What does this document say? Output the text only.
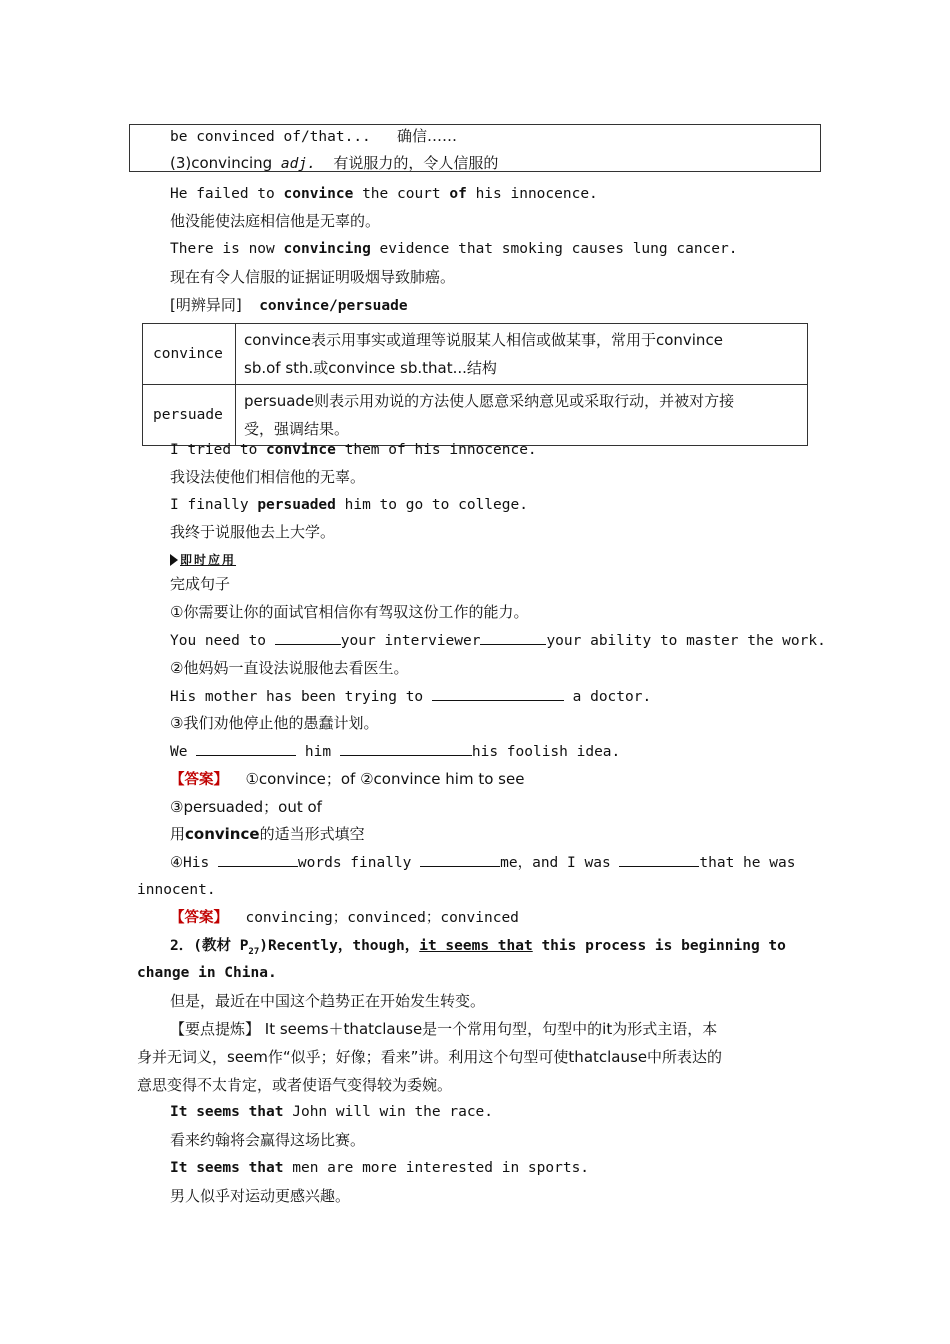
be convinced of/that... 确信……
(3)convincing adj. 有说服力的，令人信服的
He failed to convince the court of his innocence.
他没能使法庭相信他是无辜的。
There is now convincing evidence that smoking causes lung cancer.
现在有令人信服的证据证明吸烟导致肺癌。
[明辨异同] convince/persuade
convince	convince表示用事实或道理等说服某人相信或做某事，常用于convince
sb.of sth.或convince sb.that...结构
persuade	persuade则表示用劝说的方法使人愿意采纳意见或采取行动，并被对方接
受，强调结果。
I tried to convince them of his innocence.
我设法使他们相信他的无辜。
I finally persuaded him to go to college.
我终于说服他去上大学。
即时应用
完成句子
①你需要让你的面试官相信你有驾驭这份工作的能力。
You need to	your interviewer	your ability to master the work.
②他妈妈一直设法说服他去看医生。
His mother has been trying to	a doctor.
③我们劝他停止他的愚蠢计划。
We	him	his foolish idea.
【答案】 ①convince；of ②convince him to see
③persuaded；out of
用convince的适当形式填空
④His	words finally	me，and I was	that he was
innocent.
【答案】 convincing；convinced；convinced
2．(教材 $P_{27})Recently$，though，it seems that this process is beginning to
change in China.
但是，最近在中国这个趋势正在开始发生转变。
【要点提炼】 It seems＋thatclause是一个常用句型，句型中的it为形式主语，本
身并无词义，seem作“似乎；好像；看来”讲。利用这个句型可使thatclause中所表达的
意思变得不太肯定，或者使语气变得较为委婉。
It seems that John will win the race.
看来约翰将会赢得这场比赛。
It seems that men are more interested in sports.
男人似乎对运动更感兴趣。
